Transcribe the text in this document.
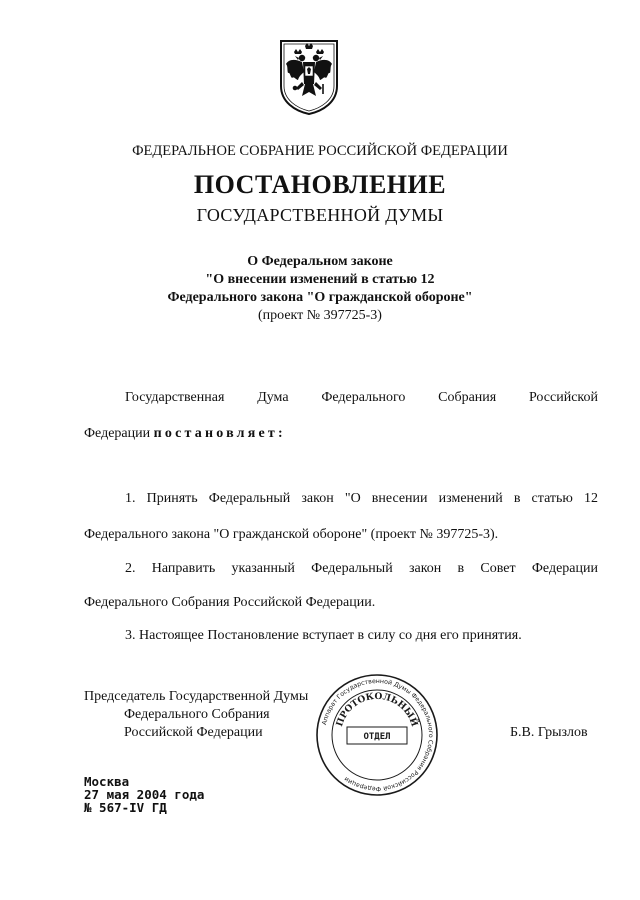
ФЕДЕРАЛЬНОЕ СОБРАНИЕ РОССИЙСКОЙ ФЕДЕРАЦИИ
ПОСТАНОВЛЕНИЕ
ГОСУДАРСТВЕННОЙ ДУМЫ
О Федеральном законе
"О внесении изменений в статью 12
Федерального закона "О гражданской обороне"
(проект № 397725-3)
Государственная Дума Федерального Собрания Российской
Федерации постановляет:
1. Принять Федеральный закон "О внесении изменений в статью 12
Федерального закона "О гражданской обороне" (проект № 397725-3).
2. Направить указанный Федеральный закон в Совет Федерации
Федерального Собрания Российской Федерации.
3. Настоящее Постановление вступает в силу со дня его принятия.
Председатель Государственной Думы
Федерального Собрания
Российской Федерации	Б.В. Грызлов
Аппарат Государственной Думы Федерального Собрания Российской Федерации
ПРОТОКОЛЬНЫЙ
ОТДЕЛ
Москва
27 мая 2004 года
№ 567-IV ГД
